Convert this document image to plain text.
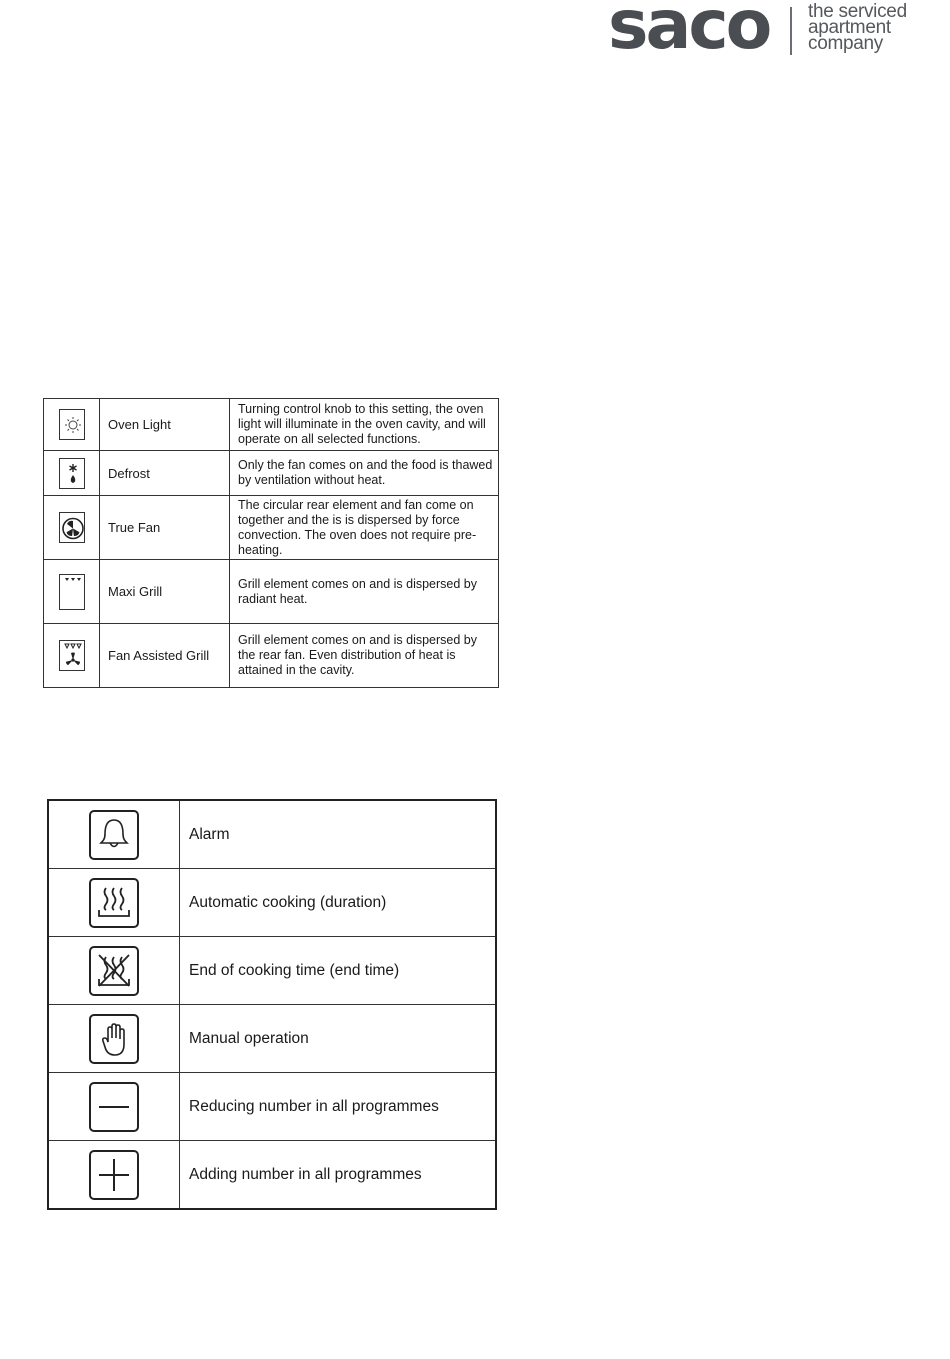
saco the serviced
apartment
company
	Oven Light	Turning control knob to this setting, the oven light will illuminate in the oven cavity, and will operate on all selected functions.

	Defrost	Only the fan comes on and the food is thawed by ventilation without heat.

	True Fan	The circular rear element and fan come on together and the is is dispersed by force convection. The oven does not require pre-heating.

	Maxi Grill	Grill element comes on and is dispersed by radiant heat.

	Fan Assisted Grill	Grill element comes on and is dispersed by the rear fan. Even distribution of heat is attained in the cavity.
	Alarm

	Automatic cooking (duration)

	End of cooking time (end time)

	Manual operation

	Reducing number in all programmes

	Adding number in all programmes
